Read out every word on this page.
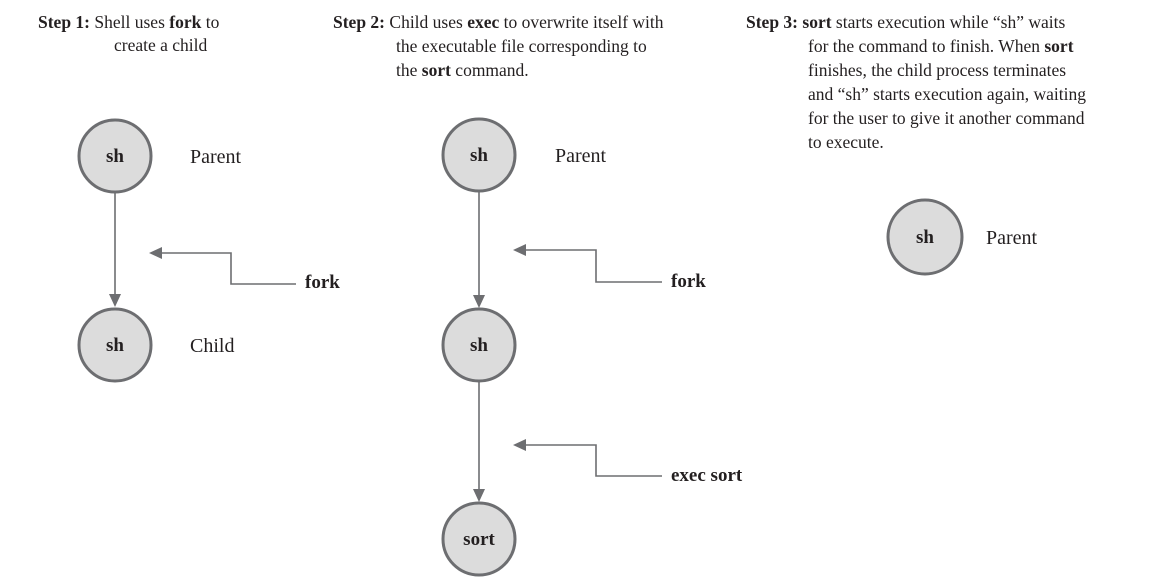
Step 1: Shell uses fork to
create a child
Step 2: Child uses exec to overwrite itself with
the executable file corresponding to
the sort command.
Step 3: sort starts execution while “sh” waits
for the command to finish. When sort
finishes, the child process terminates
and “sh” starts execution again, waiting
for the user to give it another command
to execute.
sh	Parent
sh	Child
fork
sh	Parent
sh
sort
fork
exec sort
sh	Parent
